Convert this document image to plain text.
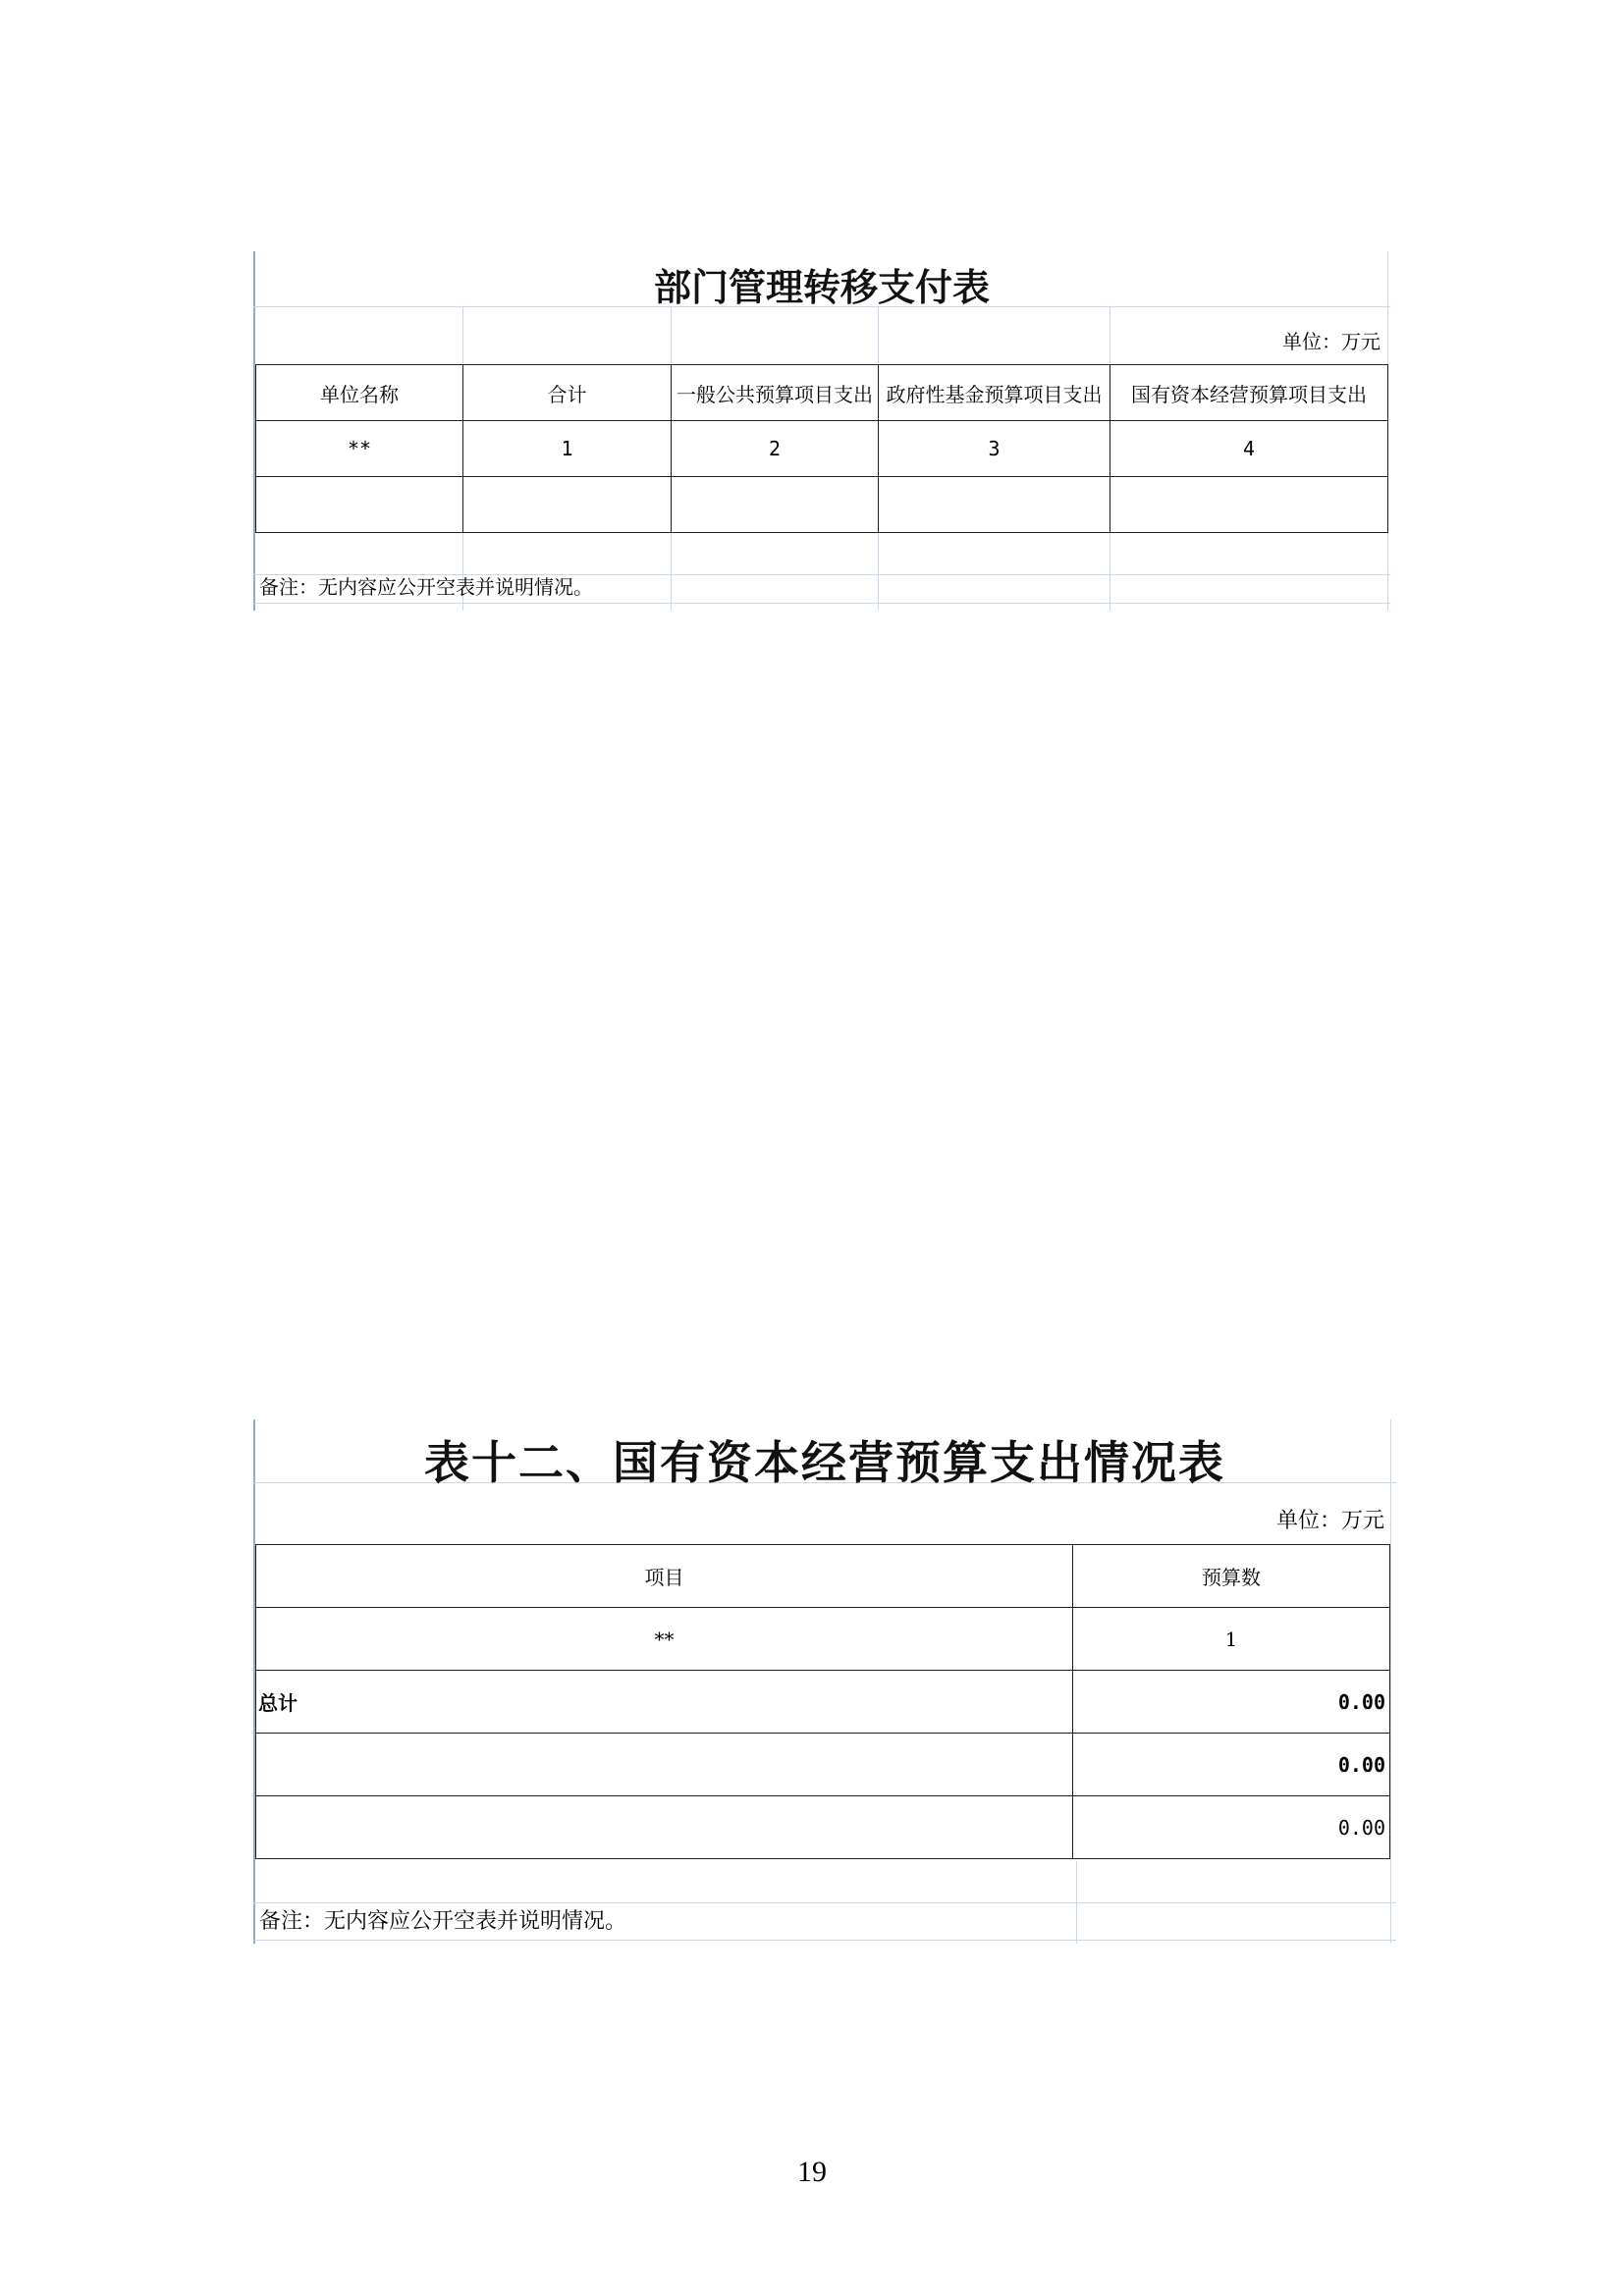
部门管理转移支付表
单位：万元
单位名称	合计	一般公共预算项目支出	政府性基金预算项目支出	国有资本经营预算项目支出
**	1	2	3	4

备注：无内容应公开空表并说明情况。
表十二、国有资本经营预算支出情况表
单位：万元
项目	预算数
**	1
总计	0.00
	0.00
	0.00
备注：无内容应公开空表并说明情况。
19
